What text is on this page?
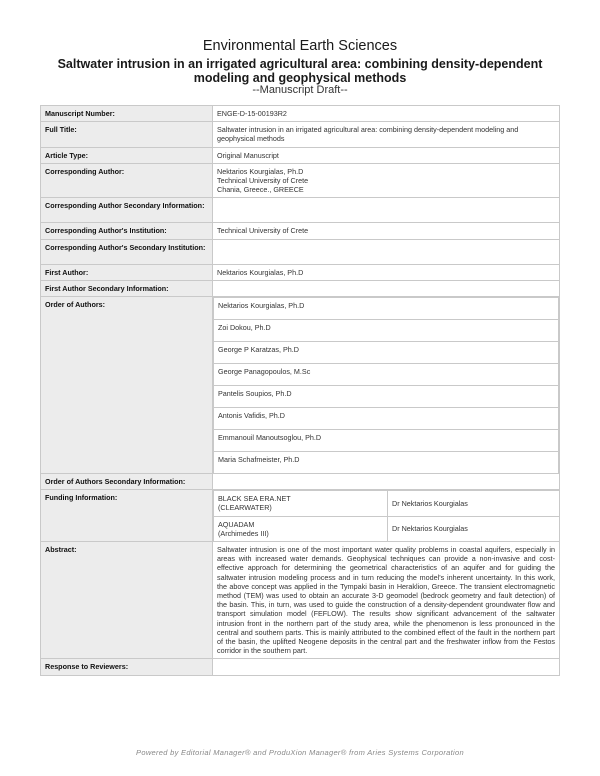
Environmental Earth Sciences
Saltwater intrusion in an irrigated agricultural area: combining density-dependent modeling and geophysical methods
--Manuscript Draft--
Manuscript Number:	ENGE-D-15-00193R2
Full Title:	Saltwater intrusion in an irrigated agricultural area: combining density-dependent modeling and geophysical methods
Article Type:	Original Manuscript
Corresponding Author:	Nektarios Kourgialas, Ph.D
Technical University of Crete
Chania, Greece., GREECE

Corresponding Author Secondary Information:	
Corresponding Author's Institution:	Technical University of Crete
Corresponding Author's Secondary Institution:	
First Author:	Nektarios Kourgialas, Ph.D
First Author Secondary Information:	
Order of Authors:		Nektarios Kourgialas, Ph.D
Zoi Dokou, Ph.D
George P Karatzas, Ph.D
George Panagopoulos, M.Sc
Pantelis Soupios, Ph.D
Antonis Vafidis, Ph.D
Emmanouil Manoutsoglou, Ph.D
Maria Schafmeister, Ph.D

Order of Authors Secondary Information:	
Funding Information:		BLACK SEA ERA.NET
(CLEARWATER)
	Dr Nektarios Kourgialas

AQUADAM
(Archimedes III)
	Dr Nektarios Kourgialas

Abstract:	Saltwater intrusion is one of the most important water quality problems in coastal aquifers, especially in areas with increased water demands. Geophysical techniques can provide a non-invasive and cost-effective approach for determining the geometrical characteristics of an aquifer and for guiding the saltwater intrusion modeling process and in turn reducing the model's inherent uncertainty. In this work, the above concept was applied in the Tympaki basin in Heraklion, Greece. The transient electromagnetic method (TEM) was used to obtain an accurate 3-D geomodel (bedrock geometry and fault detection) of the basin. This, in turn, was used to guide the construction of a density-dependent groundwater flow and transport simulation model (FEFLOW). The results show significant advancement of the saltwater intrusion front in the northern part of the study area, while the phenomenon is less pronounced in the central and southern parts. This is mainly attributed to the combined effect of the fault in the northern part of the basin, the uplifted Neogene deposits in the central part and the freshwater inflow from the Festos corridor in the southern part.
Response to Reviewers:	
Powered by Editorial Manager® and ProduXion Manager® from Aries Systems Corporation
